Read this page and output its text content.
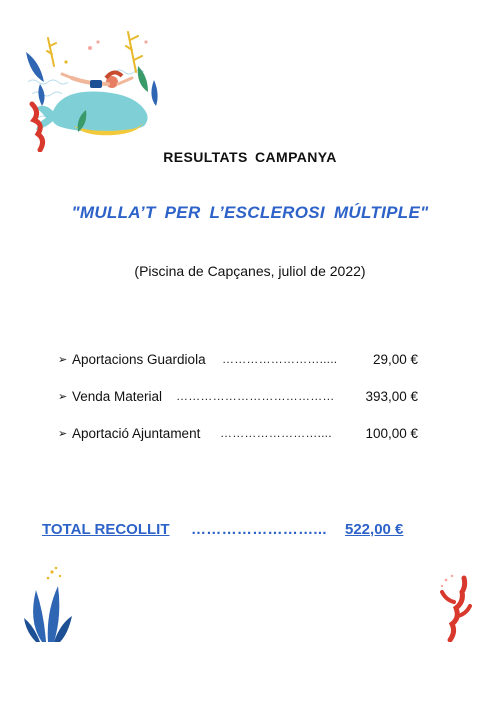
RESULTATS CAMPANYA
"MULLA’T PER L’ESCLEROSI MÚLTIPLE"
(Piscina de Capçanes, juliol de 2022)
➢ Aportacions Guardiola …………………….....	29,00 €
➢ Venda Material ………………………………… 393,00 €
➢ Aportació Ajuntament …………………….... 100,00 €
TOTAL RECOLLIT ……………………... 522,00 €
